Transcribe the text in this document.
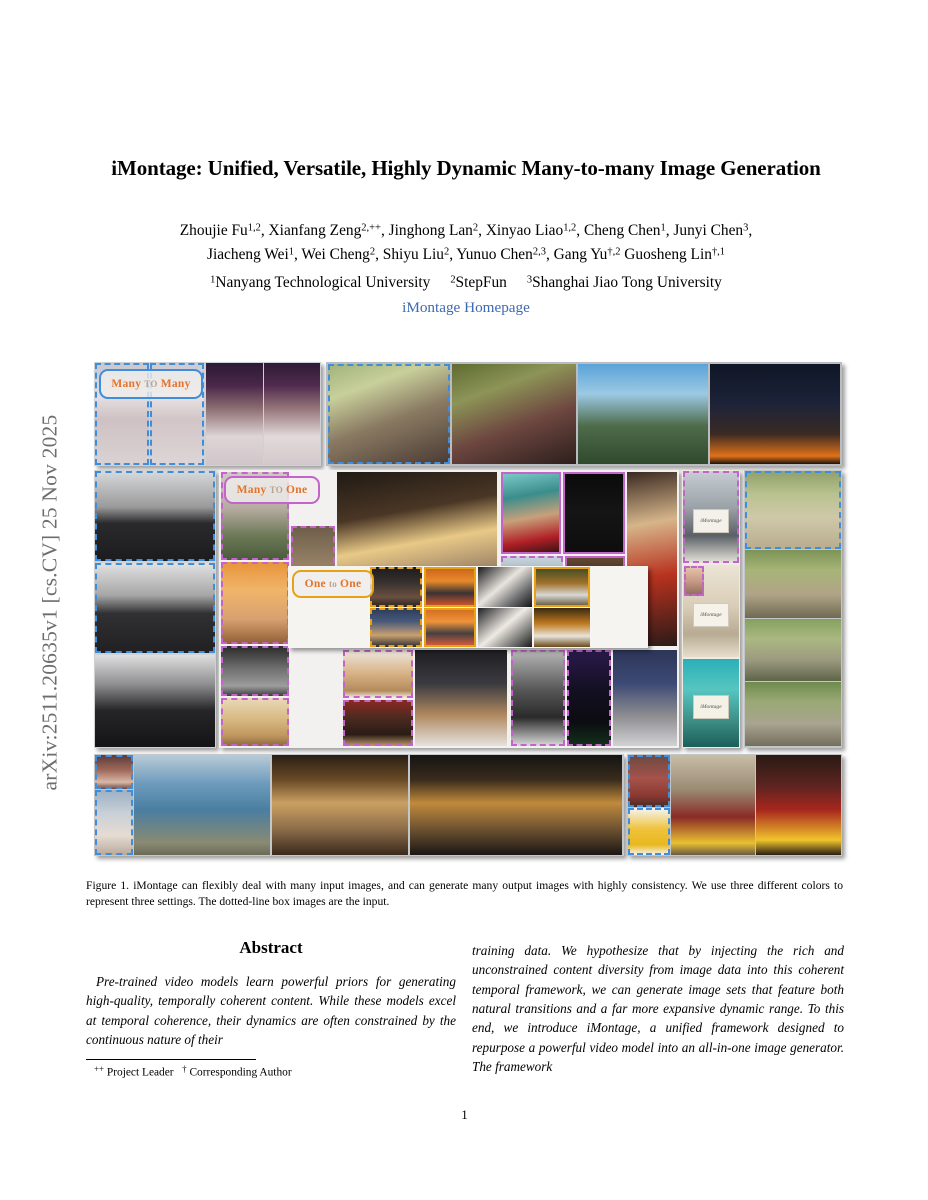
arXiv:2511.20635v1 [cs.CV] 25 Nov 2025
iMontage: Unified, Versatile, Highly Dynamic Many-to-many Image Generation
Zhoujie Fu$^{1,2}$, Xianfang Zeng$^{2,++}$, Jinghong Lan$^2$, Xinyao Liao$^{1,2}$, Cheng Chen$^1$, Junyi Chen$^3$,
Jiacheng Wei$^1$, Wei Cheng$^2$, Shiyu Liu$^2$, Yunuo Chen$^{2,3}$, Gang $Yu^{\dagger,2}$ Guosheng Lin$^{\dagger,1}$
$^1$Nanyang Technological University $^2$StepFun $^3$Shanghai Jiao Tong University
iMontage Homepage
Many TO Many
Many TO One
One to One
iMontage
iMontage
iMontage
Figure 1. iMontage can flexibly deal with many input images, and can generate many output images with highly consistency. We use three different colors to represent three settings. The dotted-line box images are the input.
Abstract
Pre-trained video models learn powerful priors for generating high-quality, temporally coherent content. While these models excel at temporal coherence, their dynamics are often constrained by the continuous nature of their
training data. We hypothesize that by injecting the rich and unconstrained content diversity from image data into this coherent temporal framework, we can generate image sets that feature both natural transitions and a far more expansive dynamic range. To this end, we introduce iMontage, a unified framework designed to repurpose a powerful video model into an all-in-one image generator. The framework
++ Project Leader † Corresponding Author
1
